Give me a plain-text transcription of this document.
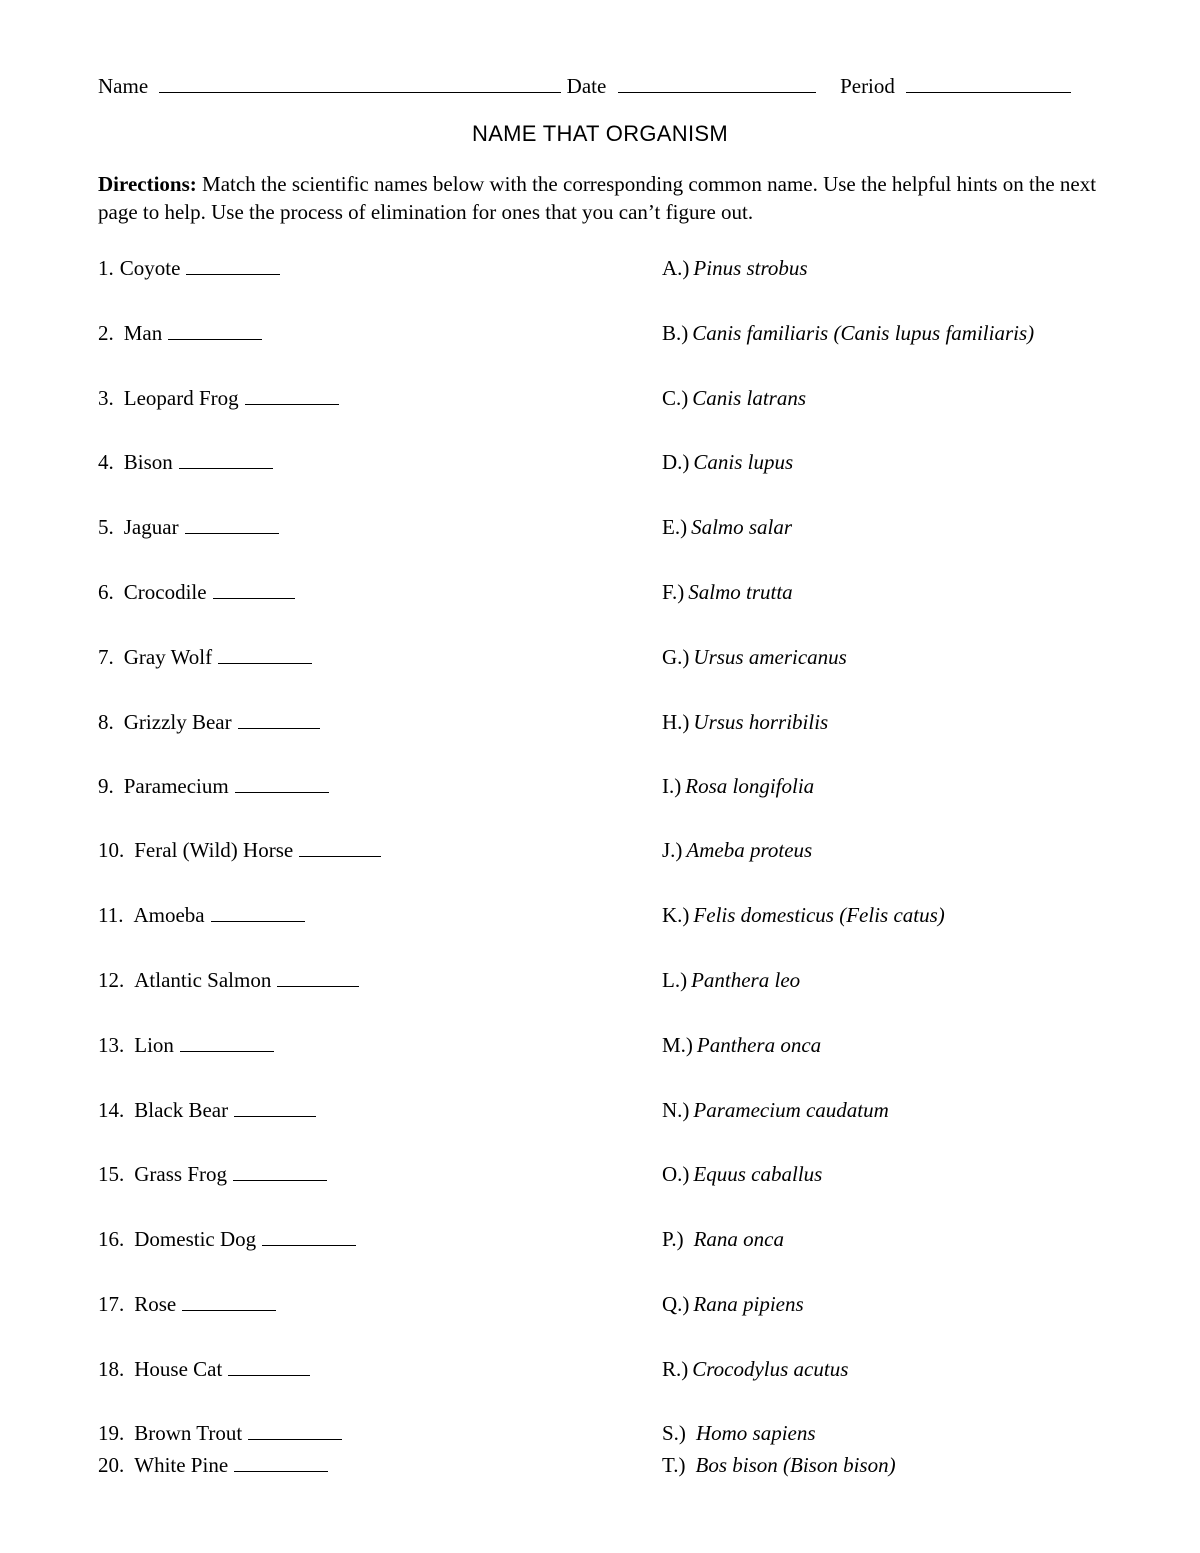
Name	Date	Period
NAME THAT ORGANISM
Directions: Match the scientific names below with the corresponding common name. Use the helpful hints on the next page to help. Use the process of elimination for ones that you can’t figure out.
1. Coyote	A.) Pinus strobus
2. Man	B.) Canis familiaris (Canis lupus familiaris)
3. Leopard Frog	C.) Canis latrans
4. Bison	D.) Canis lupus
5. Jaguar	E.) Salmo salar
6. Crocodile	F.) Salmo trutta
7. Gray Wolf	G.) Ursus americanus
8. Grizzly Bear	H.) Ursus horribilis
9. Paramecium	I.) Rosa longifolia
10. Feral (Wild) Horse	J.) Ameba proteus
11. Amoeba	K.) Felis domesticus (Felis catus)
12. Atlantic Salmon	L.) Panthera leo
13. Lion	M.) Panthera onca
14. Black Bear	N.) Paramecium caudatum
15. Grass Frog	O.) Equus caballus
16. Domestic Dog	P.) Rana onca
17. Rose	Q.) Rana pipiens
18. House Cat	R.) Crocodylus acutus
19. Brown Trout	S.) Homo sapiens
20. White Pine	T.) Bos bison (Bison bison)
